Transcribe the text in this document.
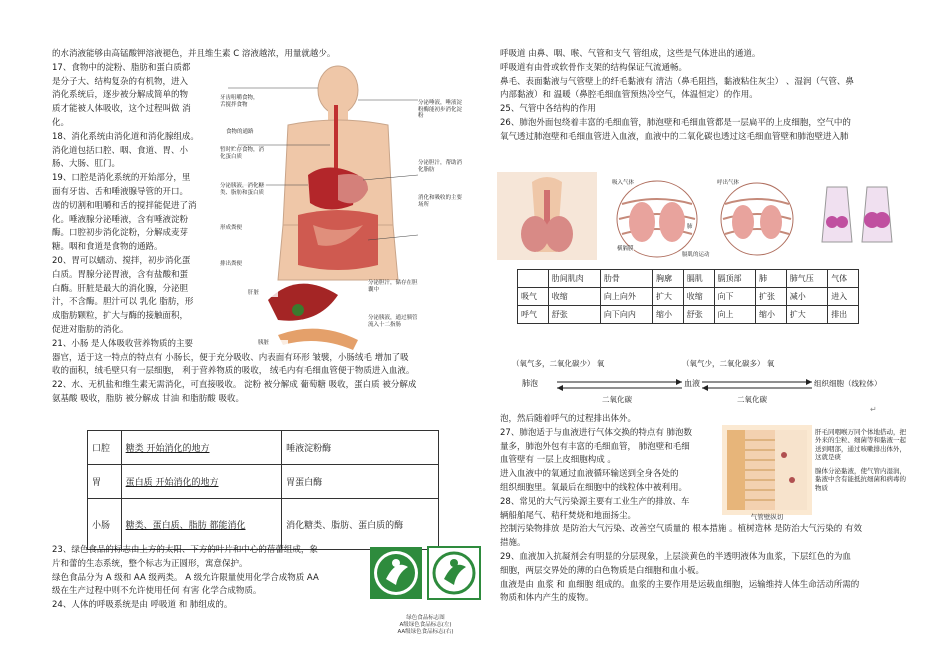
的水消液能够由高锰酸钾溶液褪色，并且维生素 C 溶液越浓，用量就越少。
17、食物中的淀粉、脂肪和蛋白质都
是分子大、结构复杂的有机物，进入
消化系统后，逐步被分解成简单的物
质才能被人体吸收，这个过程叫做 消
化。
18、消化系统由消化道和消化腺组成。
消化道包括口腔、咽、食道、胃、小
肠、大肠、肛门。
19、口腔是消化系统的开始部分，里
面有牙齿、舌和唾液腺导管的开口。
齿的切割和咀嚼和舌的搅拌能促进了消
化。唾液腺分泌唾液，含有唾液淀粉
酶。口腔初步消化淀粉，分解成麦芽
糖。咽和食道是食物的通路。
20、胃可以蠕动、搅拌，初步消化蛋
白质。胃腺分泌胃液，含有盐酸和蛋
白酶。肝脏是最大的消化腺，分泌胆
汁，不含酶。胆汁可以 乳化 脂肪，形
成脂肪颗粒，扩大与酶的接触面积，
促进对脂肪的消化。
21、小肠 是人体吸收营养物质的主要
器官，适于这一特点的特点有 小肠长，便于充分吸收、内表面有环形 皱襞，小肠绒毛 增加了吸
收的面积，绒毛壁只有一层细胞， 利于营养物质的吸收， 绒毛内有毛细血管便于物质进入血液。
22、水、无机盐和维生素无需消化，可直接吸收。 淀粉 被分解成 葡萄糖 吸收，蛋白质 被分解成
氨基酸 吸收，脂肪 被分解成 甘油 和脂肪酸 吸收。
牙齿咀嚼食物，舌搅拌食物	分泌唾液，唾液淀粉酶能初步消化淀粉
食物的通路
暂时贮存食物，消化蛋白质
分泌胆汁，帮助消化脂肪
分泌胰液，消化糖类、脂肪和蛋白质
消化和吸收的主要场所
形成粪便
排出粪便
肝脏
胰脏
分泌胆汁，储存在胆囊中
分泌胰液，通过胰管流入十二指肠
口腔	糖类 开始消化的地方	唾液淀粉酶
胃	蛋白质 开始消化的地方	胃蛋白酶
小肠	糖类、蛋白质、脂肪 都能消化	消化糖类、脂肪、蛋白质的酶
23、绿色食品的标志由上方的太阳、下方的叶片和中心的蓓蕾组成，象
片和蕾的生态系统，整个标志为正圆形，寓意保护。
绿色食品分为 A 级和 AA 级两类。 A 级允许限量使用化学合成物质 AA
级在生产过程中则不允许使用任何 有害 化学合成物质。
24、人体的呼吸系统是由 呼吸道 和 肺组成的。
绿色食品标志图
A级绿色食品标志(左)
AA级绿色食品标志(右)
呼吸道 由鼻、咽、喉、气管和支气 管组成，这些是气体进出的通道。
呼吸道有由骨或软骨作支架的结构保证气流通畅。
鼻毛、表面黏液与气管壁上的纤毛黏液有 清洁（鼻毛阻挡，黏液粘住灰尘） 、湿润（气管、鼻
内部黏液）和 温暖（鼻腔毛细血管预热冷空气，体温恒定）的作用。
25、气管中各结构的作用
26、肺泡外面包绕着丰富的毛细血管，肺泡壁和毛细血管都是一层扁平的上皮细胞，空气中的
氧气透过肺泡壁和毛细血管进入血液，血液中的二氧化碳也透过这毛细血管壁和肺泡壁进入肺
吸入气体	呼出气体
肺
横膈膜
膈肌的运动
	肋间肌肉	肋骨	胸廓	膈肌	膈顶部	肺	肺气压	气体
吸气	收缩	向上向外	扩大	收缩	向下	扩张	减小	进入
呼气	舒张	向下向内	缩小	舒张	向上	缩小	扩大	排出
（氧气多，二氧化碳少） 氧	（氧气少，二氧化碳多） 氧
肺泡	血液	组织细胞（线粒体）
二氧化碳	二氧化碳
↵
泡，然后随着呼气的过程排出体外。
27、肺泡适于与血液进行气体交换的特点有 肺泡数
量多，肺泡外包有丰富的毛细血管， 肺泡壁和毛细
血管壁有 一层上皮细胞构成 。
进入血液中的氧通过血液循环输送到全身各处的
组织细胞里。氧最后在细胞中的线粒体中被利用。
28、常见的大气污染源主要有工业生产的排放、车
辆船舶尾气、秸秆焚烧和地面扬尘。
控制污染物排放 是防治大气污染、改善空气质量的 根本措施 。植树造林 是防治大气污染的 有效
措施。
29、血液加入抗凝剂会有明显的分层现象，上层淡黄色的半透明液体为血浆，下层红色的为血
细胞，两层交界处的薄的白色物质是白细胞和血小板。
血液是由 血浆 和 血细胞 组成的。血浆的主要作用是运载血细胞，运输维持人体生命活动所需的
物质和体内产生的废物。
肝毛同咽喉万同个体地搭动，把外来的尘粒、细菌等和黏液一起送到咽部，通过咳嗽排出体外，这就是痰
腺体分泌黏液，使气管内湿润，黏液中含有能抵抗细菌和病毒的物质
气管壁纵切
